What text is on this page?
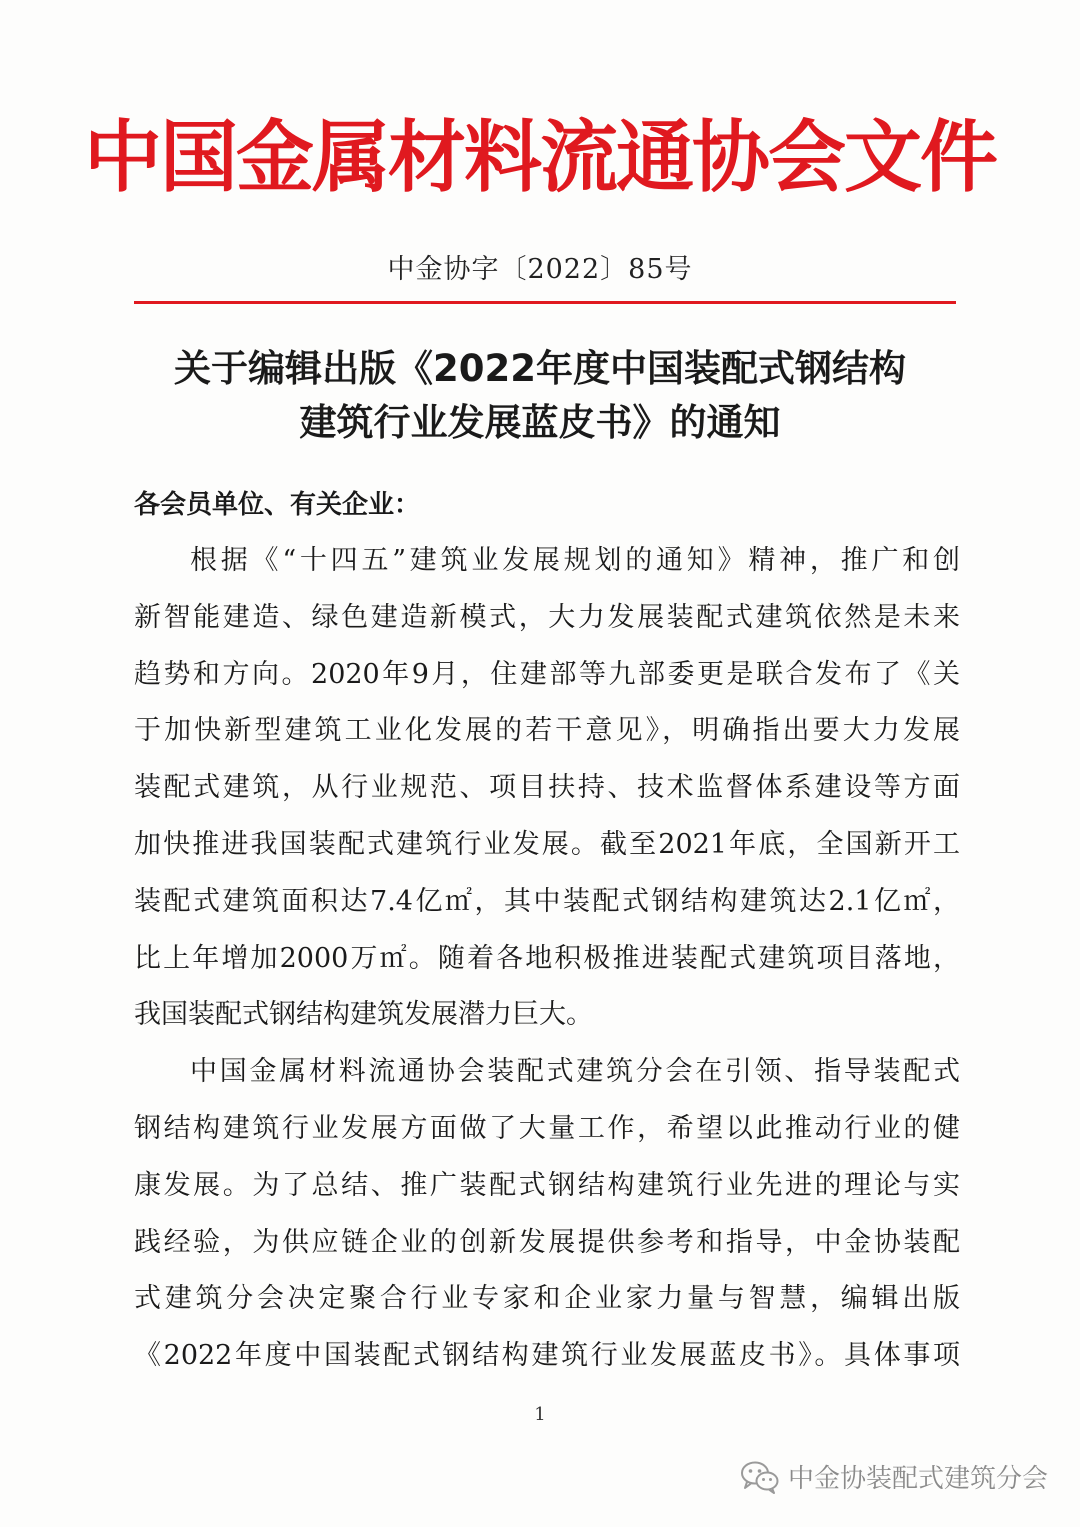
中国金属材料流通协会文件
中金协字〔2022〕85号
关于编辑出版《2022年度中国装配式钢结构
建筑行业发展蓝皮书》的通知
各会员单位、有关企业：
根据《“十四五”建筑业发展规划的通知》精神，推广和创
新智能建造、绿色建造新模式，大力发展装配式建筑依然是未来
趋势和方向。2020年9月，住建部等九部委更是联合发布了《关
于加快新型建筑工业化发展的若干意见》，明确指出要大力发展
装配式建筑，从行业规范、项目扶持、技术监督体系建设等方面
加快推进我国装配式建筑行业发展。截至2021年底，全国新开工
装配式建筑面积达7.4亿㎡，其中装配式钢结构建筑达2.1亿㎡，
比上年增加2000万㎡。随着各地积极推进装配式建筑项目落地，
我国装配式钢结构建筑发展潜力巨大。
中国金属材料流通协会装配式建筑分会在引领、指导装配式
钢结构建筑行业发展方面做了大量工作，希望以此推动行业的健
康发展。为了总结、推广装配式钢结构建筑行业先进的理论与实
践经验，为供应链企业的创新发展提供参考和指导，中金协装配
式建筑分会决定聚合行业专家和企业家力量与智慧，编辑出版
《2022年度中国装配式钢结构建筑行业发展蓝皮书》。具体事项
1
中金协装配式建筑分会
